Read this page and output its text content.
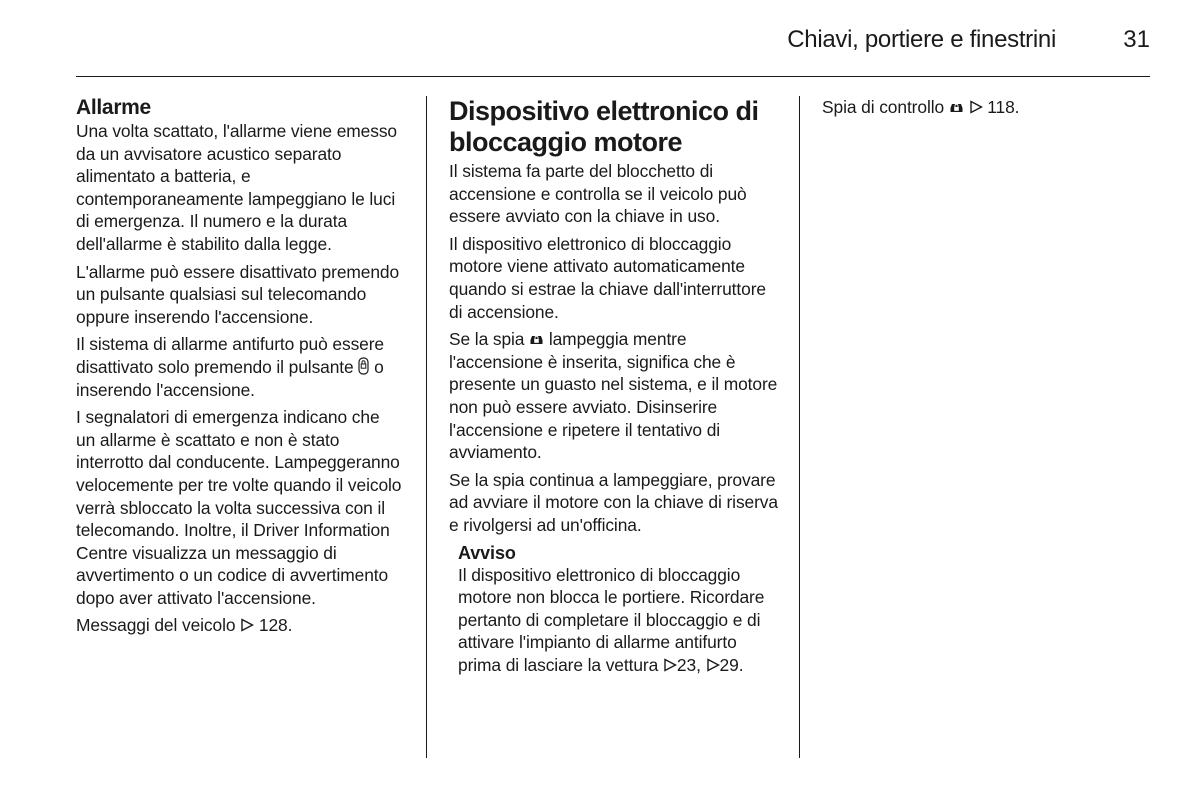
Chiavi, portiere e finestrini	31
Allarme

Una volta scattato, l'allarme viene emesso da un avvisatore acustico separato alimentato a batteria, e contemporaneamente lampeggiano le luci di emergenza. Il numero e la durata dell'allarme è stabilito dalla legge.

L'allarme può essere disattivato premendo un pulsante qualsiasi sul telecomando oppure inserendo l'accensione.

Il sistema di allarme antifurto può essere disattivato solo premendo il pulsante o inserendo l'accensione.

I segnalatori di emergenza indicano che un allarme è scattato e non è stato interrotto dal conducente. Lampeggeranno velocemente per tre volte quando il veicolo verrà sbloccato la volta successiva con il telecomando. Inoltre, il Driver Information Centre visualizza un messaggio di avvertimento o un codice di avvertimento dopo aver attivato l'accensione.

Messaggi del veicolo 128.

Dispositivo elettronico di bloccaggio motore

Il sistema fa parte del blocchetto di accensione e controlla se il veicolo può essere avviato con la chiave in uso.

Il dispositivo elettronico di bloccaggio motore viene attivato automaticamente quando si estrae la chiave dall'interruttore di accensione.

Se la spia lampeggia mentre l'accensione è inserita, significa che è presente un guasto nel sistema, e il motore non può essere avviato. Disinserire l'accensione e ripetere il tentativo di avviamento.

Se la spia continua a lampeggiare, provare ad avviare il motore con la chiave di riserva e rivolgersi ad un'officina.

Avviso
Il dispositivo elettronico di bloccaggio motore non blocca le portiere. Ricordare pertanto di completare il bloccaggio e di attivare l'impianto di allarme antifurto prima di lasciare la vettura 23, 29.

Spia di controllo 118.
